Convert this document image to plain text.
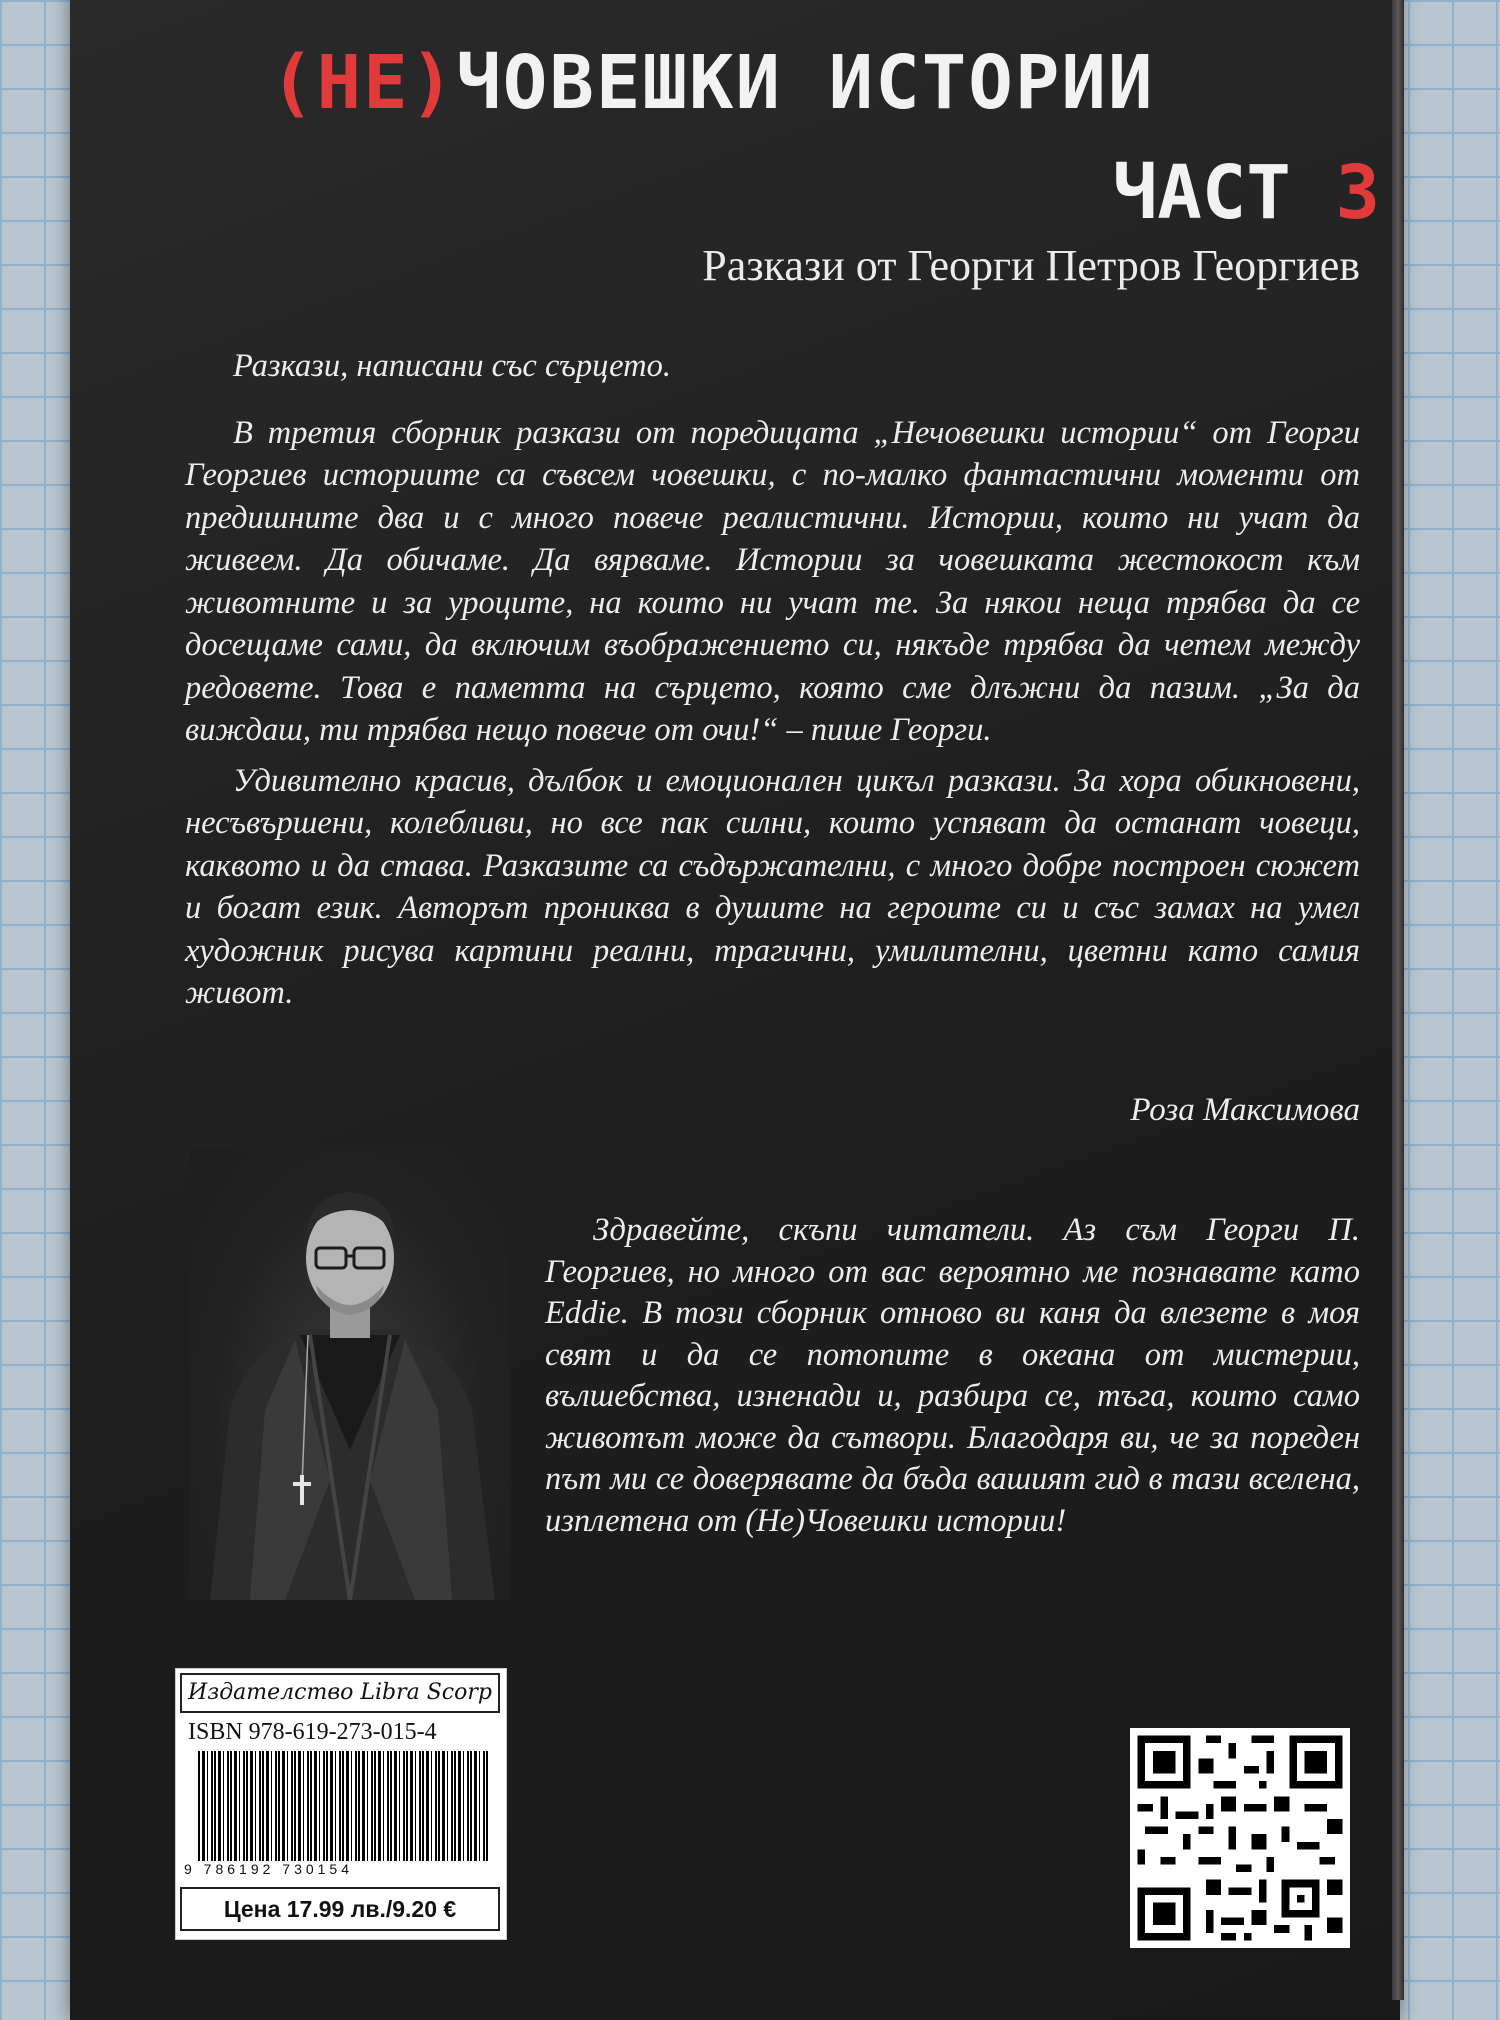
(НЕ)ЧОВЕШКИ ИСТОРИИ
ЧАСТ 3
Разкази от Георги Петров Георгиев

Разкази, написани със сърцето.

В третия сборник разкази от поредицата „Нечовешки истории“ от Георги Георгиев историите са съвсем човешки, с по-малко фантастични моменти от предишните два и с много повече реалистични. Истории, които ни учат да живеем. Да обичаме. Да вярваме. Истории за човешката жестокост към животните и за уроците, на които ни учат те. За някои неща трябва да се досещаме сами, да включим въображението си, някъде трябва да четем между редовете. Това е паметта на сърцето, която сме длъжни да пазим. „За да виждаш, ти трябва нещо повече от очи!“ – пише Георги.

Удивително красив, дълбок и емоционален цикъл разкази. За хора обикновени, несъвършени, колебливи, но все пак силни, които успяват да останат човеци, каквото и да става. Разказите са съдържателни, с много добре построен сюжет и богат език. Авторът прониква в душите на героите си и със замах на умел художник рисува картини реални, трагични, умилителни, цветни като самия живот.

Роза Максимова
Здравейте, скъпи читатели. Аз съм Георги П. Георгиев, но много от вас вероятно ме познавате като Eddie. В този сборник отново ви каня да влезете в моя свят и да се потопите в океана от мистерии, вълшебства, изненади и, разбира се, тъга, които само животът може да сътвори. Благодаря ви, че за пореден път ми се доверявате да бъда вашият гид в тази вселена, изплетена от (Не)Човешки истории!
Издателство Libra Scorp
ISBN 978-619-273-015-4
9 786192 730154
Цена 17.99 лв./9.20 €
